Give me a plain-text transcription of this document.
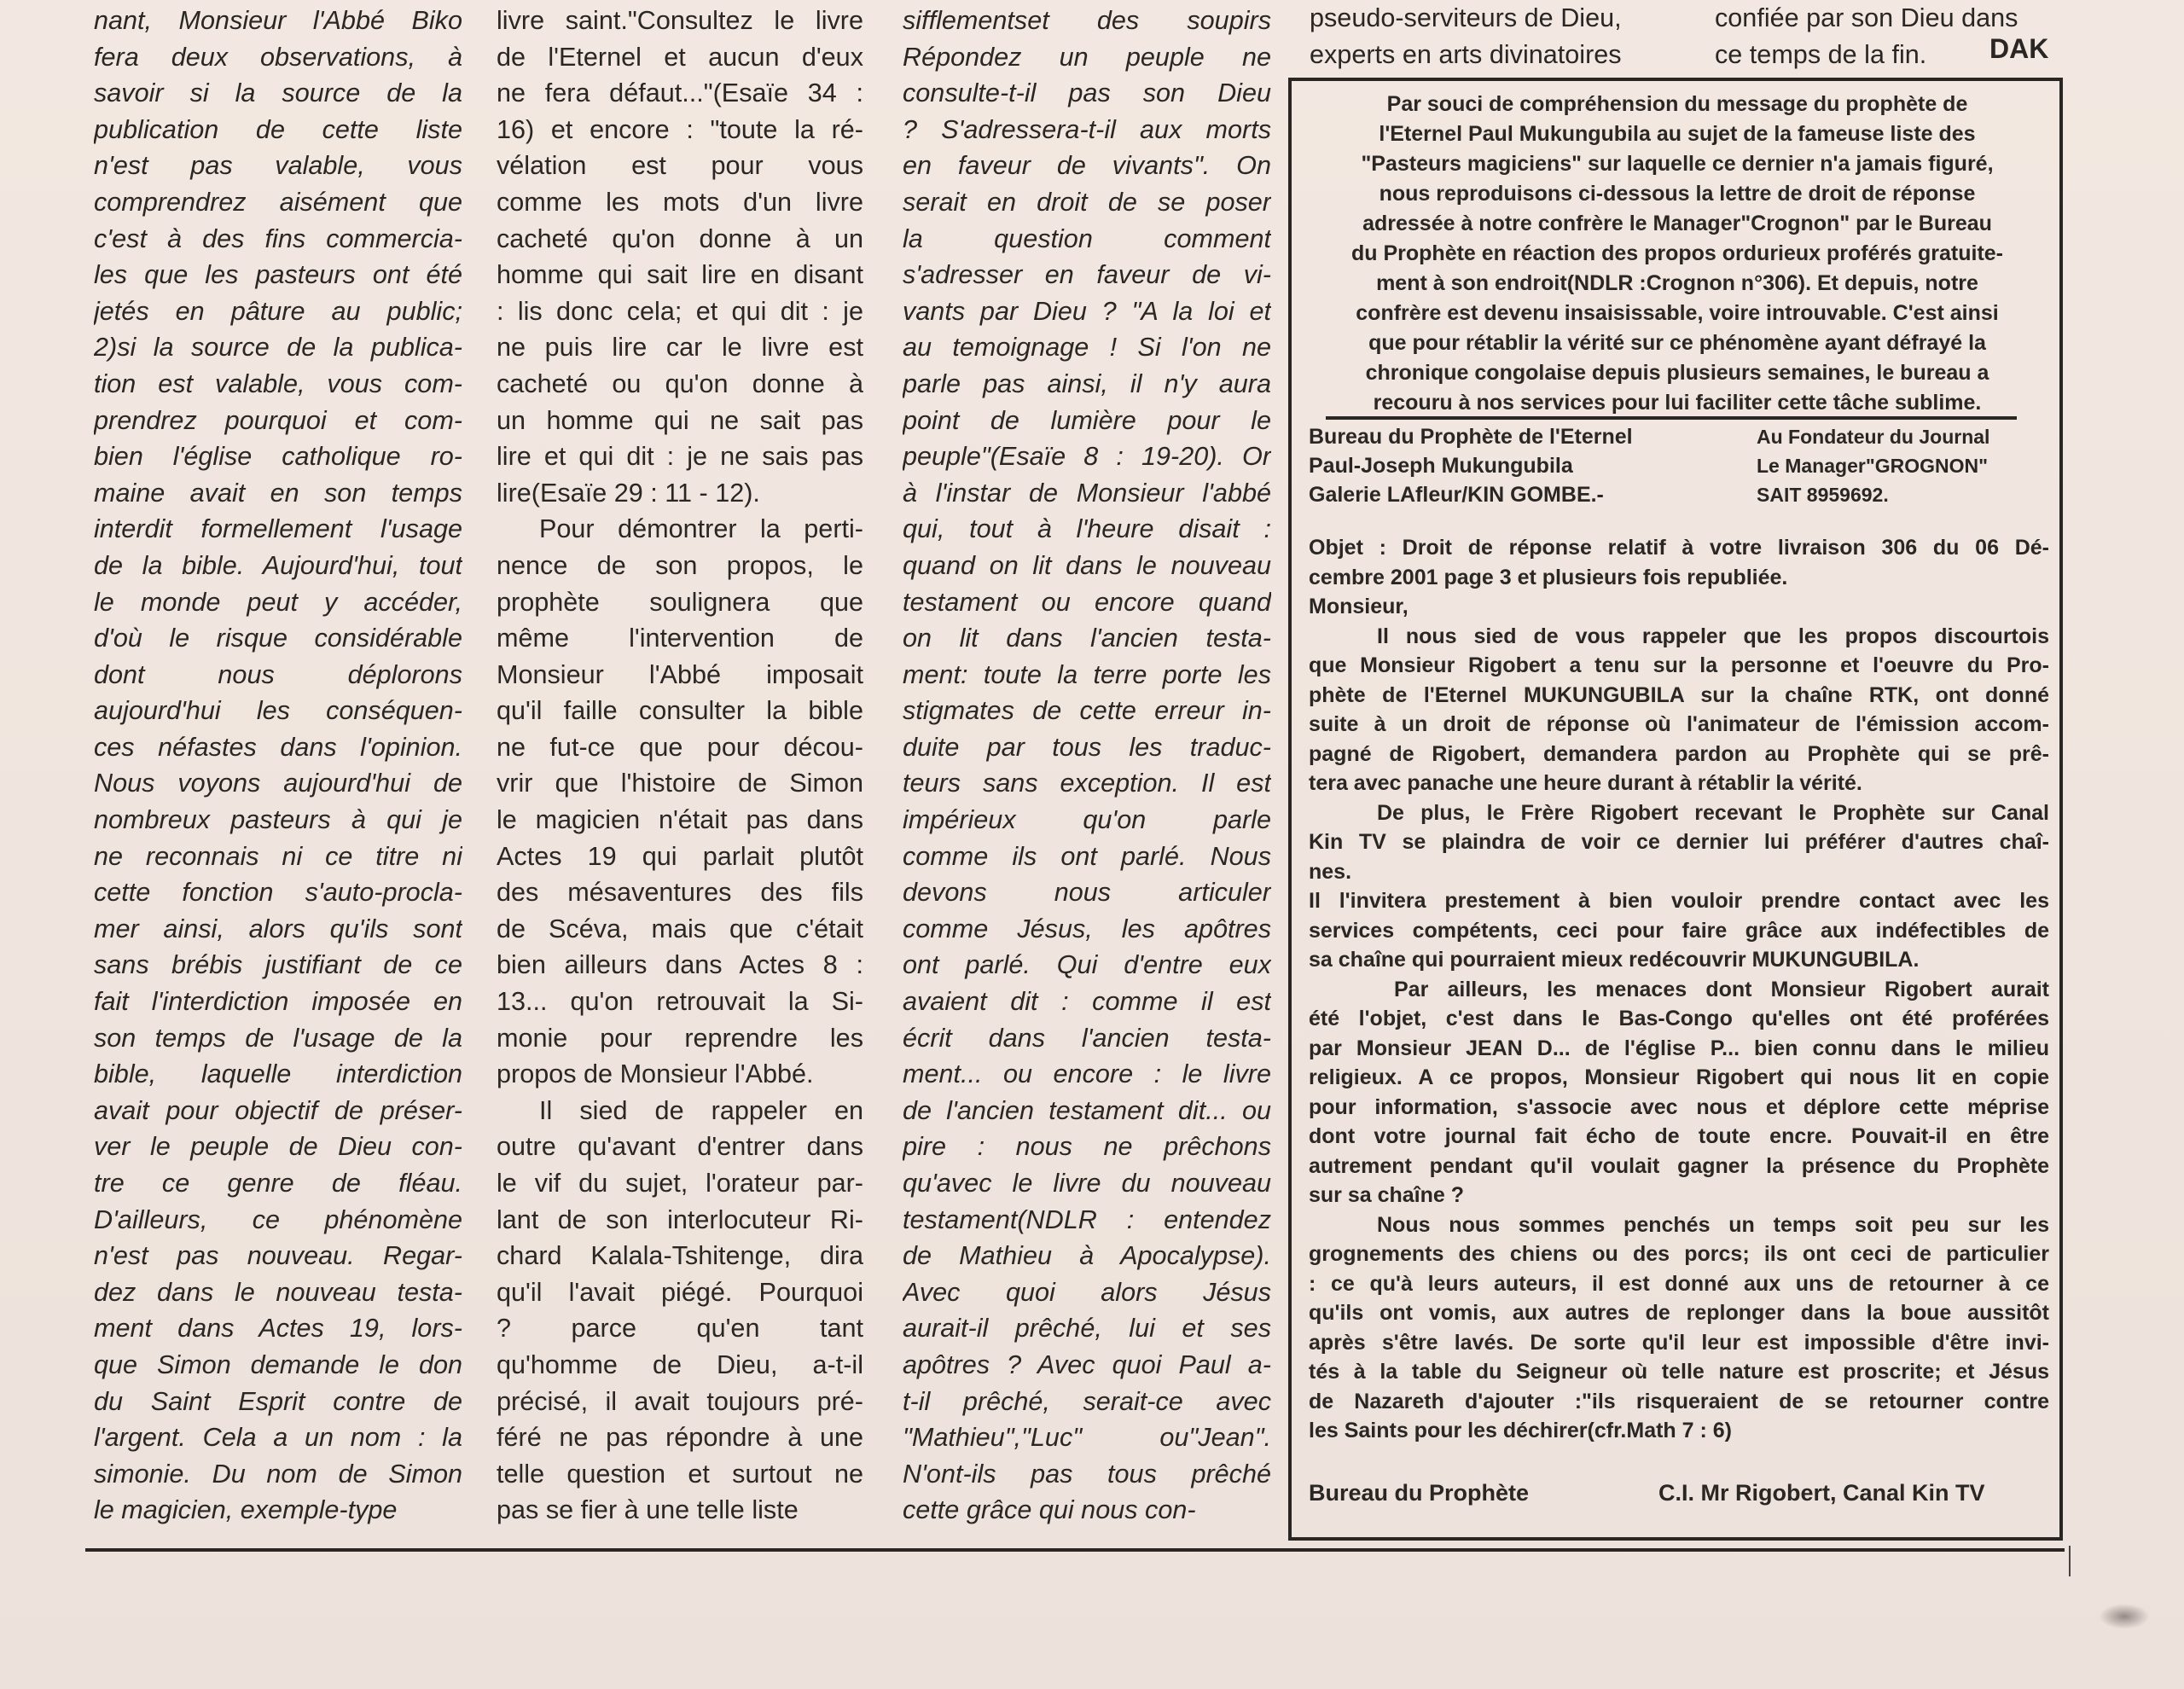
nant, Monsieur l'Abbé Biko
fera deux observations, à
savoir si la source de la
publication de cette liste
n'est pas valable, vous
comprendrez aisément que
c'est à des fins commercia-
les que les pasteurs ont été
jetés en pâture au public;
2)si la source de la publica-
tion est valable, vous com-
prendrez pourquoi et com-
bien l'église catholique ro-
maine avait en son temps
interdit formellement l'usage
de la bible. Aujourd'hui, tout
le monde peut y accéder,
d'où le risque considérable
dont nous déplorons
aujourd'hui les conséquen-
ces néfastes dans l'opinion.
Nous voyons aujourd'hui de
nombreux pasteurs à qui je
ne reconnais ni ce titre ni
cette fonction s'auto-procla-
mer ainsi, alors qu'ils sont
sans brébis justifiant de ce
fait l'interdiction imposée en
son temps de l'usage de la
bible, laquelle interdiction
avait pour objectif de préser-
ver le peuple de Dieu con-
tre ce genre de fléau.
D'ailleurs, ce phénomène
n'est pas nouveau. Regar-
dez dans le nouveau testa-
ment dans Actes 19, lors-
que Simon demande le don
du Saint Esprit contre de
l'argent. Cela a un nom : la
simonie. Du nom de Simon
le magicien, exemple-type
livre saint."Consultez le livre
de l'Eternel et aucun d'eux
ne fera défaut..."(Esaïe 34 :
16) et encore : "toute la ré-
vélation est pour vous
comme les mots d'un livre
cacheté qu'on donne à un
homme qui sait lire en disant
: lis donc cela; et qui dit : je
ne puis lire car le livre est
cacheté ou qu'on donne à
un homme qui ne sait pas
lire et qui dit : je ne sais pas
lire(Esaïe 29 : 11 - 12).
Pour démontrer la perti-
nence de son propos, le
prophète soulignera que
même l'intervention de
Monsieur l'Abbé imposait
qu'il faille consulter la bible
ne fut-ce que pour décou-
vrir que l'histoire de Simon
le magicien n'était pas dans
Actes 19 qui parlait plutôt
des mésaventures des fils
de Scéva, mais que c'était
bien ailleurs dans Actes 8 :
13... qu'on retrouvait la Si-
monie pour reprendre les
propos de Monsieur l'Abbé.
Il sied de rappeler en
outre qu'avant d'entrer dans
le vif du sujet, l'orateur par-
lant de son interlocuteur Ri-
chard Kalala-Tshitenge, dira
qu'il l'avait piégé. Pourquoi
? parce qu'en tant
qu'homme de Dieu, a-t-il
précisé, il avait toujours pré-
féré ne pas répondre à une
telle question et surtout ne
pas se fier à une telle liste
sifflementset des soupirs
Répondez un peuple ne
consulte-t-il pas son Dieu
? S'adressera-t-il aux morts
en faveur de vivants". On
serait en droit de se poser
la question comment
s'adresser en faveur de vi-
vants par Dieu ? "A la loi et
au temoignage ! Si l'on ne
parle pas ainsi, il n'y aura
point de lumière pour le
peuple"(Esaïe 8 : 19-20). Or
à l'instar de Monsieur l'abbé
qui, tout à l'heure disait :
quand on lit dans le nouveau
testament ou encore quand
on lit dans l'ancien testa-
ment: toute la terre porte les
stigmates de cette erreur in-
duite par tous les traduc-
teurs sans exception. Il est
impérieux qu'on parle
comme ils ont parlé. Nous
devons nous articuler
comme Jésus, les apôtres
ont parlé. Qui d'entre eux
avaient dit : comme il est
écrit dans l'ancien testa-
ment... ou encore : le livre
de l'ancien testament dit... ou
pire : nous ne prêchons
qu'avec le livre du nouveau
testament(NDLR : entendez
de Mathieu à Apocalypse).
Avec quoi alors Jésus
aurait-il prêché, lui et ses
apôtres ? Avec quoi Paul a-
t-il prêché, serait-ce avec
"Mathieu","Luc" ou"Jean".
N'ont-ils pas tous prêché
cette grâce qui nous con-
pseudo-serviteurs de Dieu,
experts en arts divinatoires
confiée par son Dieu dans
ce temps de la fin.	DAK
Par souci de compréhension du message du prophète de
l'Eternel Paul Mukungubila au sujet de la fameuse liste des
"Pasteurs magiciens" sur laquelle ce dernier n'a jamais figuré,
nous reproduisons ci-dessous la lettre de droit de réponse
adressée à notre confrère le Manager"Crognon" par le Bureau
du Prophète en réaction des propos ordurieux proférés gratuite-
ment à son endroit(NDLR :Crognon n°306). Et depuis, notre
confrère est devenu insaisissable, voire introuvable. C'est ainsi
que pour rétablir la vérité sur ce phénomène ayant défrayé la
chronique congolaise depuis plusieurs semaines, le bureau a
recouru à nos services pour lui faciliter cette tâche sublime.
Bureau du Prophète de l'Eternel
Paul-Joseph Mukungubila
Galerie LAfleur/KIN GOMBE.-
Au Fondateur du Journal
Le Manager"GROGNON"
SAIT 8959692.
Objet : Droit de réponse relatif à votre livraison 306 du 06 Dé-
cembre 2001 page 3 et plusieurs fois republiée.
Monsieur,
Il nous sied de vous rappeler que les propos discourtois
que Monsieur Rigobert a tenu sur la personne et l'oeuvre du Pro-
phète de l'Eternel MUKUNGUBILA sur la chaîne RTK, ont donné
suite à un droit de réponse où l'animateur de l'émission accom-
pagné de Rigobert, demandera pardon au Prophète qui se prê-
tera avec panache une heure durant à rétablir la vérité.
De plus, le Frère Rigobert recevant le Prophète sur Canal
Kin TV se plaindra de voir ce dernier lui préférer d'autres chaî-
nes.
Il l'invitera prestement à bien vouloir prendre contact avec les
services compétents, ceci pour faire grâce aux indéfectibles de
sa chaîne qui pourraient mieux redécouvrir MUKUNGUBILA.
Par ailleurs, les menaces dont Monsieur Rigobert aurait
été l'objet, c'est dans le Bas-Congo qu'elles ont été proférées
par Monsieur JEAN D... de l'église P... bien connu dans le milieu
religieux. A ce propos, Monsieur Rigobert qui nous lit en copie
pour information, s'associe avec nous et déplore cette méprise
dont votre journal fait écho de toute encre. Pouvait-il en être
autrement pendant qu'il voulait gagner la présence du Prophète
sur sa chaîne ?
Nous nous sommes penchés un temps soit peu sur les
grognements des chiens ou des porcs; ils ont ceci de particulier
: ce qu'à leurs auteurs, il est donné aux uns de retourner à ce
qu'ils ont vomis, aux autres de replonger dans la boue aussitôt
après s'être lavés. De sorte qu'il leur est impossible d'être invi-
tés à la table du Seigneur où telle nature est proscrite; et Jésus
de Nazareth d'ajouter :"ils risqueraient de se retourner contre
les Saints pour les déchirer(cfr.Math 7 : 6)
Bureau du Prophète	C.I. Mr Rigobert, Canal Kin TV
